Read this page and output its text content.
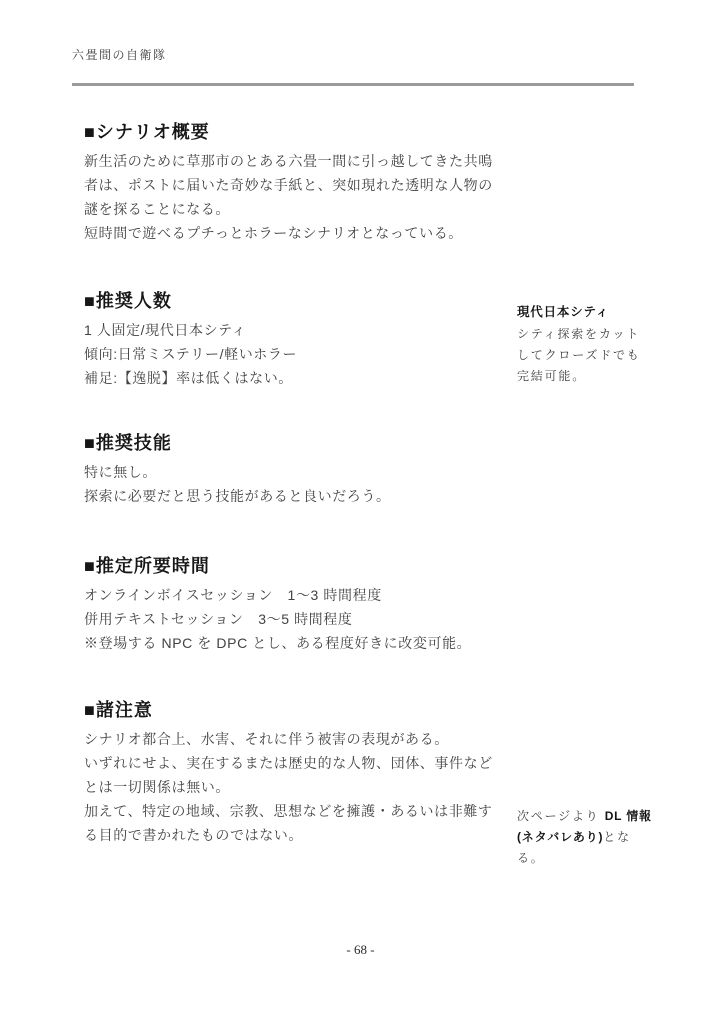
六畳間の自衛隊
■シナリオ概要
新生活のために草那市のとある六畳一間に引っ越してきた共鳴
者は、ポストに届いた奇妙な手紙と、突如現れた透明な人物の
謎を探ることになる。
短時間で遊べるプチっとホラーなシナリオとなっている。
■推奨人数
1 人固定/現代日本シティ
傾向:日常ミステリー/軽いホラー
補足:【逸脱】率は低くはない。
■推奨技能
特に無し。
探索に必要だと思う技能があると良いだろう。
■推定所要時間
オンラインボイスセッション　1～3 時間程度
併用テキストセッション　3～5 時間程度
※登場する NPC を DPC とし、ある程度好きに改変可能。
■諸注意
シナリオ都合上、水害、それに伴う被害の表現がある。
いずれにせよ、実在するまたは歴史的な人物、団体、事件など
とは一切関係は無い。
加えて、特定の地域、宗教、思想などを擁護・あるいは非難す
る目的で書かれたものではない。
現代日本シティ
シティ探索をカット
してクローズドでも
完結可能。
次ページより DL 情報
(ネタバレあり)とな
る。
- 68 -
